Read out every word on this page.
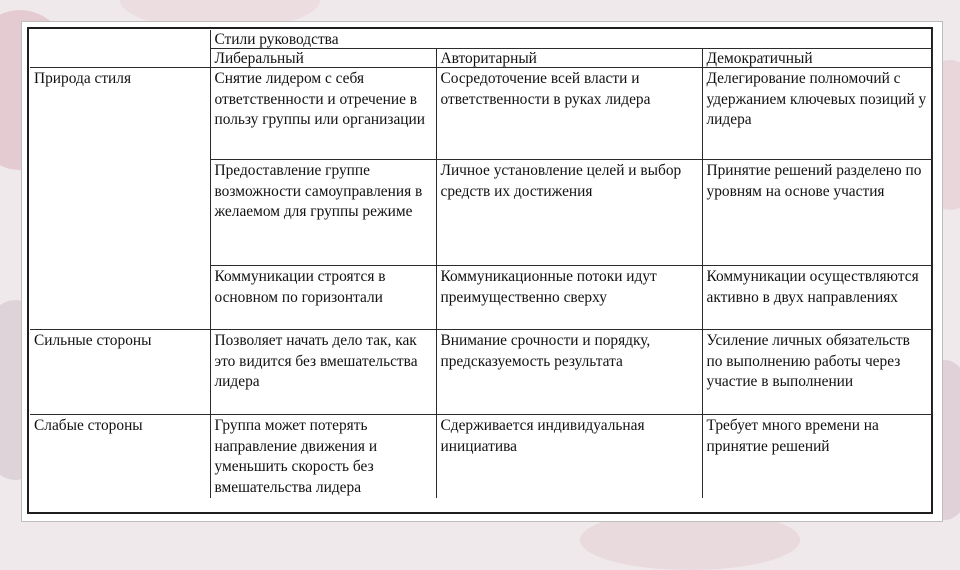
	Стили руководства		
	Либеральный	Авторитарный	Демократичный
Природа стиля	Снятие лидером с себя ответственности и отречение в пользу группы или организации	Сосредоточение всей власти и ответственности в руках лидера	Делегирование полномочий с удержанием ключевых позиций у лидера
	Предоставление группе возможности самоуправления в желаемом для группы режиме	Личное установление целей и выбор средств их достижения	Принятие решений разделено по уровням на основе участия
	Коммуникации строятся в основном по горизонтали	Коммуникационные потоки идут преимущественно сверху	Коммуникации осуществляются активно в двух направлениях
Сильные стороны	Позволяет начать дело так, как это видится без вмешательства лидера	Внимание срочности и порядку, предсказуемость результата	Усиление личных обязательств по выполнению работы через участие в выполнении
Слабые стороны	Группа может потерять направление движения и уменьшить скорость без вмешательства лидера	Сдерживается индивидуальная инициатива	Требует много времени на принятие решений
